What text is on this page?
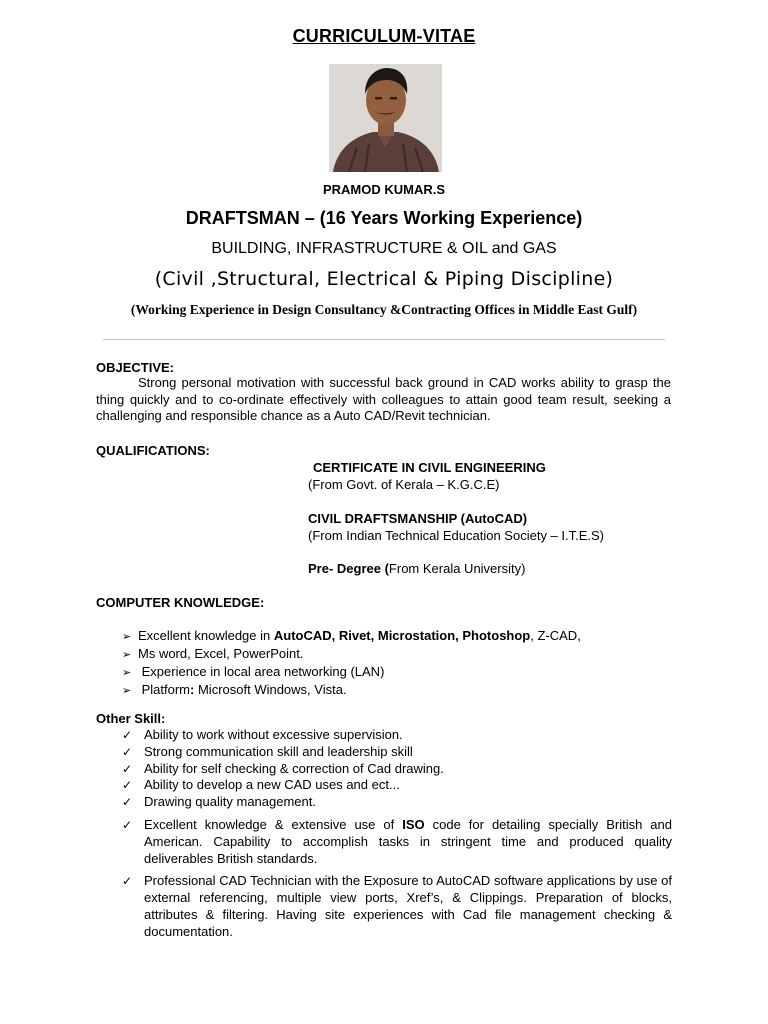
CURRICULUM-VITAE
PRAMOD KUMAR.S
DRAFTSMAN – (16 Years Working Experience)
BUILDING, INFRASTRUCTURE & OIL and GAS
(Civil ,Structural, Electrical & Piping Discipline)
(Working Experience in Design Consultancy &Contracting Offices in Middle East Gulf)
OBJECTIVE:
Strong personal motivation with successful back ground in CAD works ability to grasp the thing quickly and to co-ordinate effectively with colleagues to attain good team result, seeking a challenging and responsible chance as a Auto CAD/Revit technician.
QUALIFICATIONS:
CERTIFICATE IN CIVIL ENGINEERING
(From Govt. of Kerala – K.G.C.E)
CIVIL DRAFTSMANSHIP (AutoCAD)
(From Indian Technical Education Society – I.T.E.S)
Pre- Degree (From Kerala University)
COMPUTER KNOWLEDGE:
➢ Excellent knowledge in AutoCAD, Rivet, Microstation, Photoshop, Z-CAD,
➢ Ms word, Excel, PowerPoint.
➢ Experience in local area networking (LAN)
➢ Platform: Microsoft Windows, Vista.
Other Skill:
✓ Ability to work without excessive supervision.
✓ Strong communication skill and leadership skill
✓ Ability for self checking & correction of Cad drawing.
✓ Ability to develop a new CAD uses and ect...
✓ Drawing quality management.
✓ Excellent knowledge & extensive use of ISO code for detailing specially British and American. Capability to accomplish tasks in stringent time and produced quality deliverables British standards.
✓ Professional CAD Technician with the Exposure to AutoCAD software applications by use of external referencing, multiple view ports, Xref’s, & Clippings. Preparation of blocks, attributes & filtering. Having site experiences with Cad file management checking & documentation.
